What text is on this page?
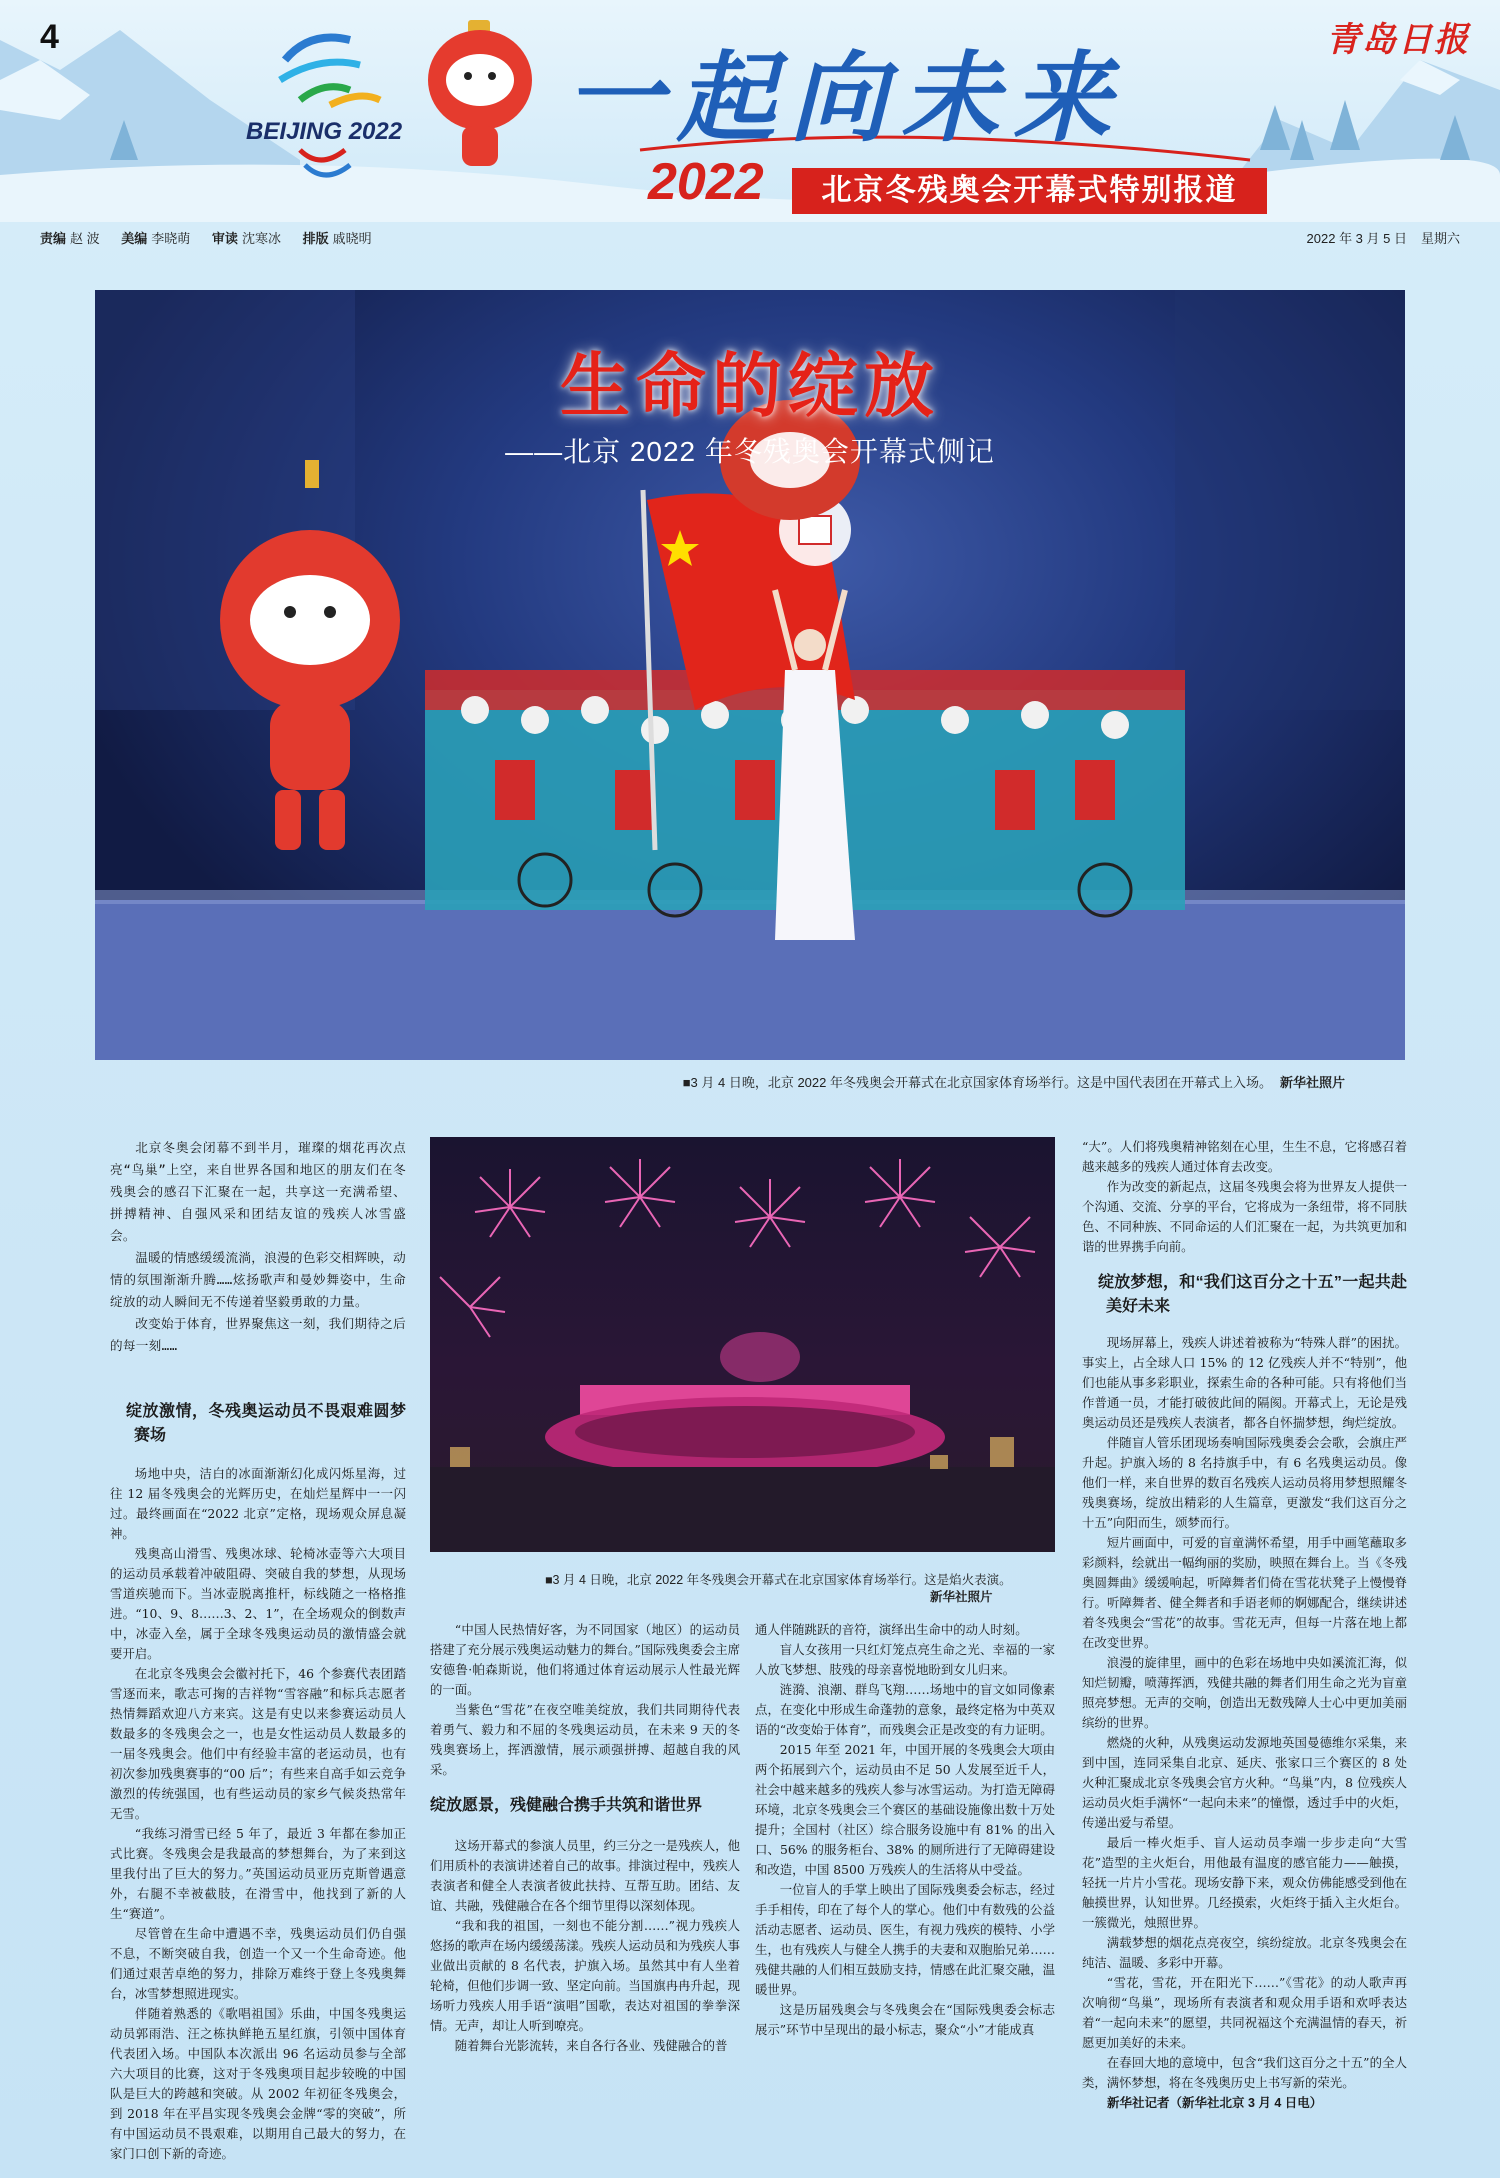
4	青岛日报
BEIJING 2022 一起向未来
2022	北京冬残奥会开幕式特别报道
责编 赵 波 美编 李晓萌 审读 沈寒冰 排版 戚晓明	2022 年 3 月 5 日 星期六
生命的绽放
——北京 2022 年冬残奥会开幕式侧记
■3 月 4 日晚，北京 2022 年冬残奥会开幕式在北京国家体育场举行。这是中国代表团在开幕式上入场。 新华社照片
■3 月 4 日晚，北京 2022 年冬残奥会开幕式在北京国家体育场举行。这是焰火表演。
新华社照片

北京冬奥会闭幕不到半月，璀璨的烟花再次点亮“鸟巢”上空，来自世界各国和地区的朋友们在冬残奥会的感召下汇聚在一起，共享这一充满希望、拼搏精神、自强风采和团结友谊的残疾人冰雪盛会。

温暖的情感缓缓流淌，浪漫的色彩交相辉映，动情的氛围渐渐升腾……炫扬歌声和曼妙舞姿中，生命绽放的动人瞬间无不传递着坚毅勇敢的力量。

改变始于体育，世界聚焦这一刻，我们期待之后的每一刻……

绽放激情，冬残奥运动员不畏艰难圆梦赛场

场地中央，洁白的冰面渐渐幻化成闪烁星海，过往 12 届冬残奥会的光辉历史，在灿烂星辉中一一闪过。最终画面在“2022 北京”定格，现场观众屏息凝神。

残奥高山滑雪、残奥冰球、轮椅冰壶等六大项目的运动员承载着冲破阻碍、突破自我的梦想，从现场雪道疾驰而下。当冰壶脱离推杆，标线随之一格格推进。“10、9、8……3、2、1”，在全场观众的倒数声中，冰壶入垒，属于全球冬残奥运动员的激情盛会就要开启。

在北京冬残奥会会徽衬托下，46 个参赛代表团踏雪逐而来，歌志可掬的吉祥物“雪容融”和标兵志愿者热情舞蹈欢迎八方来宾。这是有史以来参赛运动员人数最多的冬残奥会之一，也是女性运动员人数最多的一届冬残奥会。他们中有经验丰富的老运动员，也有初次参加残奥赛事的“00 后”；有些来自高手如云竞争激烈的传统强国，也有些运动员的家乡气候炎热常年无雪。

“我练习滑雪已经 5 年了，最近 3 年都在参加正式比赛。冬残奥会是我最高的梦想舞台，为了来到这里我付出了巨大的努力。”英国运动员亚历克斯曾遇意外，右腿不幸被截肢，在滑雪中，他找到了新的人生“赛道”。

尽管曾在生命中遭遇不幸，残奥运动员们仍自强不息，不断突破自我，创造一个又一个生命奇迹。他们通过艰苦卓绝的努力，排除万难终于登上冬残奥舞台，冰雪梦想照进现实。

伴随着熟悉的《歌唱祖国》乐曲，中国冬残奥运动员郭雨浩、汪之栋执鲜艳五星红旗，引领中国体育代表团入场。中国队本次派出 96 名运动员参与全部六大项目的比赛，这对于冬残奥项目起步较晚的中国队是巨大的跨越和突破。从 2002 年初征冬残奥会，到 2018 年在平昌实现冬残奥会金牌“零的突破”，所有中国运动员不畏艰难，以期用自己最大的努力，在家门口创下新的奇迹。

“中国人民热情好客，为不同国家（地区）的运动员搭建了充分展示残奥运动魅力的舞台。”国际残奥委会主席安德鲁·帕森斯说，他们将通过体育运动展示人性最光辉的一面。

当紫色“雪花”在夜空唯美绽放，我们共同期待代表着勇气、毅力和不屈的冬残奥运动员，在未来 9 天的冬残奥赛场上，挥洒激情，展示顽强拼搏、超越自我的风采。

绽放愿景，残健融合携手共筑和谐世界

这场开幕式的参演人员里，约三分之一是残疾人，他们用质朴的表演讲述着自己的故事。排演过程中，残疾人表演者和健全人表演者彼此扶持、互帮互助。团结、友谊、共融，残健融合在各个细节里得以深刻体现。

“我和我的祖国，一刻也不能分割……”视力残疾人悠扬的歌声在场内缓缓荡漾。残疾人运动员和为残疾人事业做出贡献的 8 名代表，护旗入场。虽然其中有人坐着轮椅，但他们步调一致、坚定向前。当国旗冉冉升起，现场听力残疾人用手语“演唱”国歌，表达对祖国的拳拳深情。无声，却让人听到嘹亮。

随着舞台光影流转，来自各行各业、残健融合的普

通人伴随跳跃的音符，演绎出生命中的动人时刻。

盲人女孩用一只红灯笼点亮生命之光、幸福的一家人放飞梦想、肢残的母亲喜悦地盼到女儿归来。

涟漪、浪潮、群鸟飞翔……场地中的盲文如同像素点，在变化中形成生命蓬勃的意象，最终定格为中英双语的“改变始于体育”，而残奥会正是改变的有力证明。

2015 年至 2021 年，中国开展的冬残奥会大项由两个拓展到六个，运动员由不足 50 人发展至近千人，社会中越来越多的残疾人参与冰雪运动。为打造无障碍环境，北京冬残奥会三个赛区的基础设施像出数十万处提升；全国村（社区）综合服务设施中有 81% 的出入口、56% 的服务柜台、38% 的厕所进行了无障碍建设和改造，中国 8500 万残疾人的生活将从中受益。

一位盲人的手掌上映出了国际残奥委会标志，经过手手相传，印在了每个人的掌心。他们中有数残的公益活动志愿者、运动员、医生，有视力残疾的模特、小学生，也有残疾人与健全人携手的夫妻和双胞胎兄弟……残健共融的人们相互鼓励支持，情感在此汇聚交融，温暖世界。

这是历届残奥会与冬残奥会在“国际残奥委会标志展示”环节中呈现出的最小标志，聚众“小”才能成真

“大”。人们将残奥精神铭刻在心里，生生不息，它将感召着越来越多的残疾人通过体育去改变。

作为改变的新起点，这届冬残奥会将为世界友人提供一个沟通、交流、分享的平台，它将成为一条纽带，将不同肤色、不同种族、不同命运的人们汇聚在一起，为共筑更加和谐的世界携手向前。

绽放梦想，和“我们这百分之十五”一起共赴美好未来

现场屏幕上，残疾人讲述着被称为“特殊人群”的困扰。事实上，占全球人口 15% 的 12 亿残疾人并不“特别”，他们也能从事多彩职业，探索生命的各种可能。只有将他们当作普通一员，才能打破彼此间的隔阂。开幕式上，无论是残奥运动员还是残疾人表演者，都各自怀揣梦想，绚烂绽放。

伴随盲人管乐团现场奏响国际残奥委会会歌，会旗庄严升起。护旗入场的 8 名持旗手中，有 6 名残奥运动员。像他们一样，来自世界的数百名残疾人运动员将用梦想照耀冬残奥赛场，绽放出精彩的人生篇章，更激发“我们这百分之十五”向阳而生，颂梦而行。

短片画面中，可爱的盲童满怀希望，用手中画笔蘸取多彩颜料，绘就出一幅绚丽的奖励，映照在舞台上。当《冬残奥圆舞曲》缓缓响起，听障舞者们倚在雪花状凳子上慢慢脊行。听障舞者、健全舞者和手语老师的婀娜配合，继续讲述着冬残奥会“雪花”的故事。雪花无声，但每一片落在地上都在改变世界。

浪漫的旋律里，画中的色彩在场地中央如溪流汇海，似知烂韧瓣，喷薄挥洒，残健共融的舞者们用生命之光为盲童照亮梦想。无声的交响，创造出无数残障人士心中更加美丽缤纷的世界。

燃烧的火种，从残奥运动发源地英国曼德维尔采集，来到中国，连同采集自北京、延庆、张家口三个赛区的 8 处火种汇聚成北京冬残奥会官方火种。“鸟巢”内，8 位残疾人运动员火炬手满怀“一起向未来”的憧憬，透过手中的火炬，传递出爱与希望。

最后一棒火炬手、盲人运动员李端一步步走向“大雪花”造型的主火炬台，用他最有温度的感官能力——触摸，轻抚一片片小雪花。现场安静下来，观众仿佛能感受到他在触摸世界，认知世界。几经摸索，火炬终于插入主火炬台。一簇微光，烛照世界。

满载梦想的烟花点亮夜空，缤纷绽放。北京冬残奥会在纯洁、温暖、多彩中开幕。

“雪花，雪花，开在阳光下……”《雪花》的动人歌声再次响彻“鸟巢”，现场所有表演者和观众用手语和欢呼表达着“一起向未来”的愿望，共同祝福这个充满温情的春天，祈愿更加美好的未来。

在春回大地的意境中，包含“我们这百分之十五”的全人类，满怀梦想，将在冬残奥历史上书写新的荣光。

新华社记者（新华社北京 3 月 4 日电）
